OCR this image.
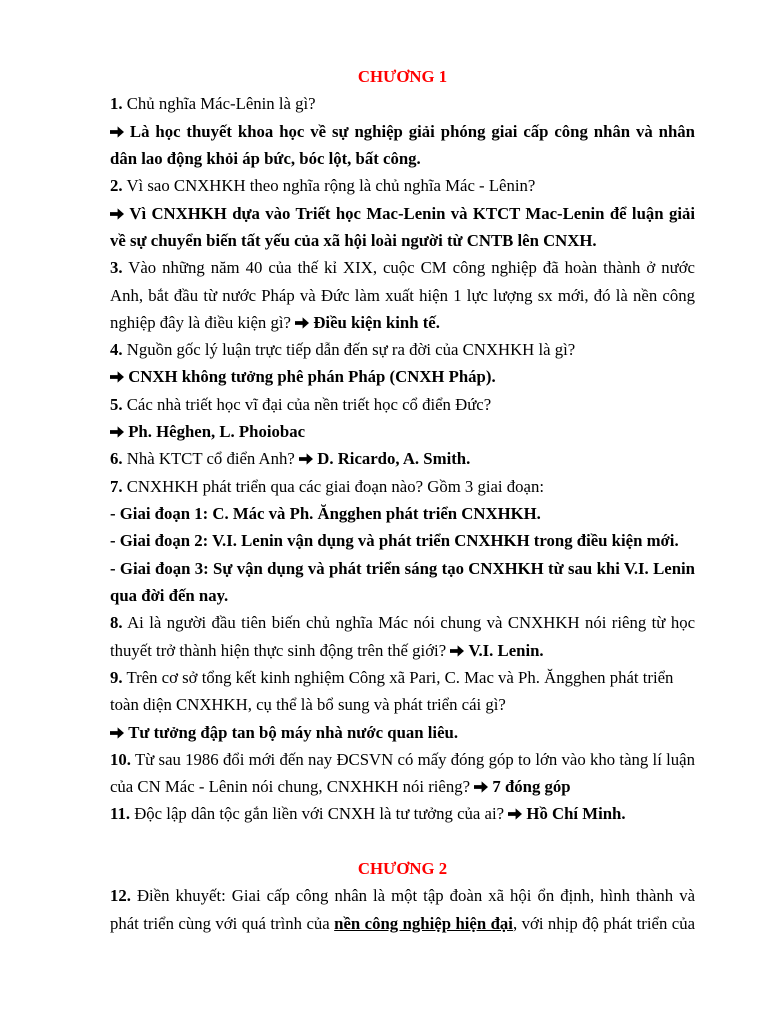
CHƯƠNG 1
1. Chủ nghĩa Mác-Lênin là gì?
Là học thuyết khoa học về sự nghiệp giải phóng giai cấp công nhân và nhân
dân lao động khỏi áp bức, bóc lột, bất công.
2. Vì sao CNXHKH theo nghĩa rộng là chủ nghĩa Mác - Lênin?
Vì CNXHKH dựa vào Triết học Mac-Lenin và KTCT Mac-Lenin để luận giải
về sự chuyển biến tất yếu của xã hội loài người từ CNTB lên CNXH.
3. Vào những năm 40 của thế kỉ XIX, cuộc CM công nghiệp đã hoàn thành ở nước
Anh, bắt đầu từ nước Pháp và Đức làm xuất hiện 1 lực lượng sx mới, đó là nền công
nghiệp đây là điều kiện gì? Điều kiện kinh tế.
4. Nguồn gốc lý luận trực tiếp dẫn đến sự ra đời của CNXHKH là gì?
CNXH không tưởng phê phán Pháp (CNXH Pháp).
5. Các nhà triết học vĩ đại của nền triết học cổ điển Đức?
Ph. Hêghen, L. Phoiobac
6. Nhà KTCT cổ điển Anh? D. Ricardo, A. Smith.
7. CNXHKH phát triển qua các giai đoạn nào? Gồm 3 giai đoạn:
- Giai đoạn 1: C. Mác và Ph. Ăngghen phát triển CNXHKH.
- Giai đoạn 2: V.I. Lenin vận dụng và phát triển CNXHKH trong điều kiện mới.
- Giai đoạn 3: Sự vận dụng và phát triển sáng tạo CNXHKH từ sau khi V.I. Lenin
qua đời đến nay.
8. Ai là người đầu tiên biến chủ nghĩa Mác nói chung và CNXHKH nói riêng từ học
thuyết trở thành hiện thực sinh động trên thế giới? V.I. Lenin.
9. Trên cơ sở tổng kết kinh nghiệm Công xã Pari, C. Mac và Ph. Ăngghen phát triển
toàn diện CNXHKH, cụ thể là bổ sung và phát triển cái gì?
Tư tưởng đập tan bộ máy nhà nước quan liêu.
10. Từ sau 1986 đổi mới đến nay ĐCSVN có mấy đóng góp to lớn vào kho tàng lí luận
của CN Mác - Lênin nói chung, CNXHKH nói riêng? 7 đóng góp
11. Độc lập dân tộc gắn liền với CNXH là tư tưởng của ai? Hồ Chí Minh.
CHƯƠNG 2
12. Điền khuyết: Giai cấp công nhân là một tập đoàn xã hội ổn định, hình thành và
phát triển cùng với quá trình của nền công nghiệp hiện đại, với nhịp độ phát triển của
